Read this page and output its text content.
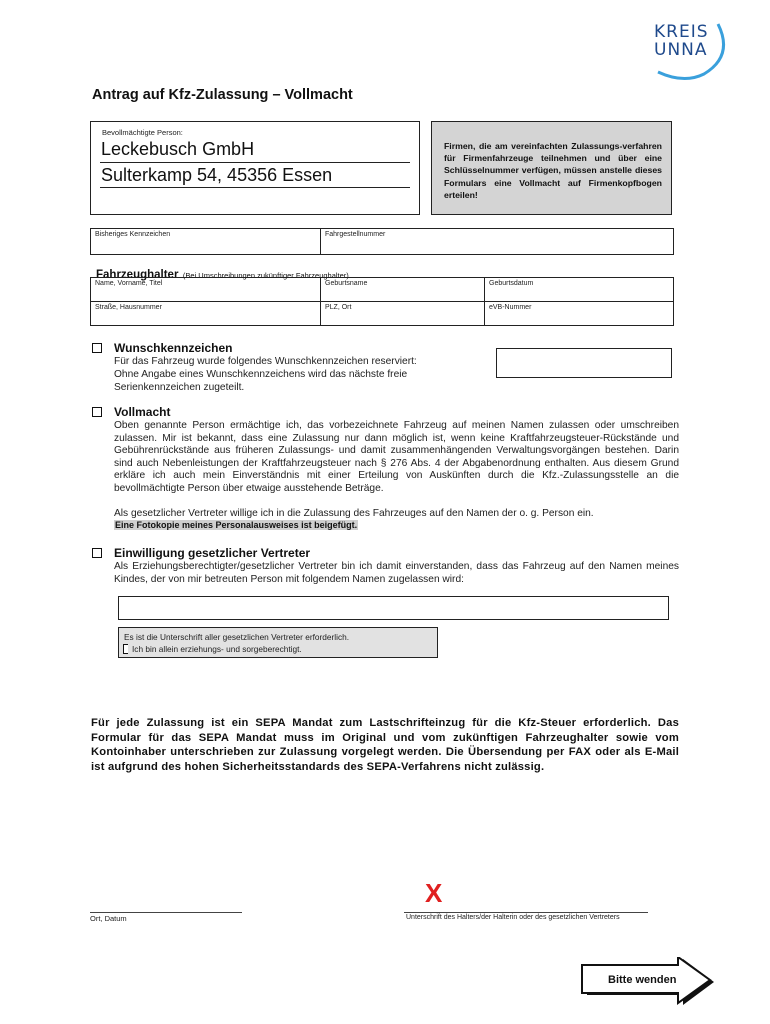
KREIS
UNNA
Antrag auf Kfz-Zulassung – Vollmacht
Bevollmächtigte Person:
Leckebusch GmbH
Sulterkamp 54, 45356 Essen
Firmen, die am vereinfachten Zulassungs-verfahren für Firmenfahrzeuge teilnehmen und über eine Schlüsselnummer verfügen, müssen anstelle dieses Formulars eine Vollmacht auf Firmenkopfbogen erteilen!
Bisheriges Kennzeichen	Fahrgestellnummer
Fahrzeughalter (Bei Umschreibungen zukünftiger Fahrzeughalter)
Name, Vorname, Titel	Geburtsname	Geburtsdatum
Straße, Hausnummer	PLZ, Ort	eVB-Nummer
Wunschkennzeichen
Für das Fahrzeug wurde folgendes Wunschkennzeichen reserviert:
Ohne Angabe eines Wunschkennzeichens wird das nächste freie
Serienkennzeichen zugeteilt.
Vollmacht
Oben genannte Person ermächtige ich, das vorbezeichnete Fahrzeug auf meinen Namen zulassen oder umschreiben zulassen. Mir ist bekannt, dass eine Zulassung nur dann möglich ist, wenn keine Kraftfahrzeugsteuer-Rückstände und Gebührenrückstände aus früheren Zulassungs- und damit zusammenhängenden Verwaltungsvorgängen bestehen. Darin sind auch Nebenleistungen der Kraftfahrzeugsteuer nach § 276 Abs. 4 der Abgabenordnung enthalten. Aus diesem Grund erkläre ich auch mein Einverständnis mit einer Erteilung von Auskünften durch die Kfz.-Zulassungsstelle an die bevollmächtigte Person über etwaige ausstehende Beträge.
Als gesetzlicher Vertreter willige ich in die Zulassung des Fahrzeuges auf den Namen der o. g. Person ein.
Eine Fotokopie meines Personalausweises ist beigefügt.
Einwilligung gesetzlicher Vertreter
Als Erziehungsberechtigter/gesetzlicher Vertreter bin ich damit einverstanden, dass das Fahrzeug auf den Namen meines Kindes, der von mir betreuten Person mit folgendem Namen zugelassen wird:
Es ist die Unterschrift aller gesetzlichen Vertreter erforderlich.
Ich bin allein erziehungs- und sorgeberechtigt.
Für jede Zulassung ist ein SEPA Mandat zum Lastschrifteinzug für die Kfz-Steuer erforderlich. Das Formular für das SEPA Mandat muss im Original und vom zukünftigen Fahrzeughalter sowie vom Kontoinhaber unterschrieben zur Zulassung vorgelegt werden. Die Übersendung per FAX oder als E-Mail ist aufgrund des hohen Sicherheitsstandards des SEPA-Verfahrens nicht zulässig.
X
Ort, Datum	Unterschrift des Halters/der Halterin oder des gesetzlichen Vertreters
Bitte wenden
